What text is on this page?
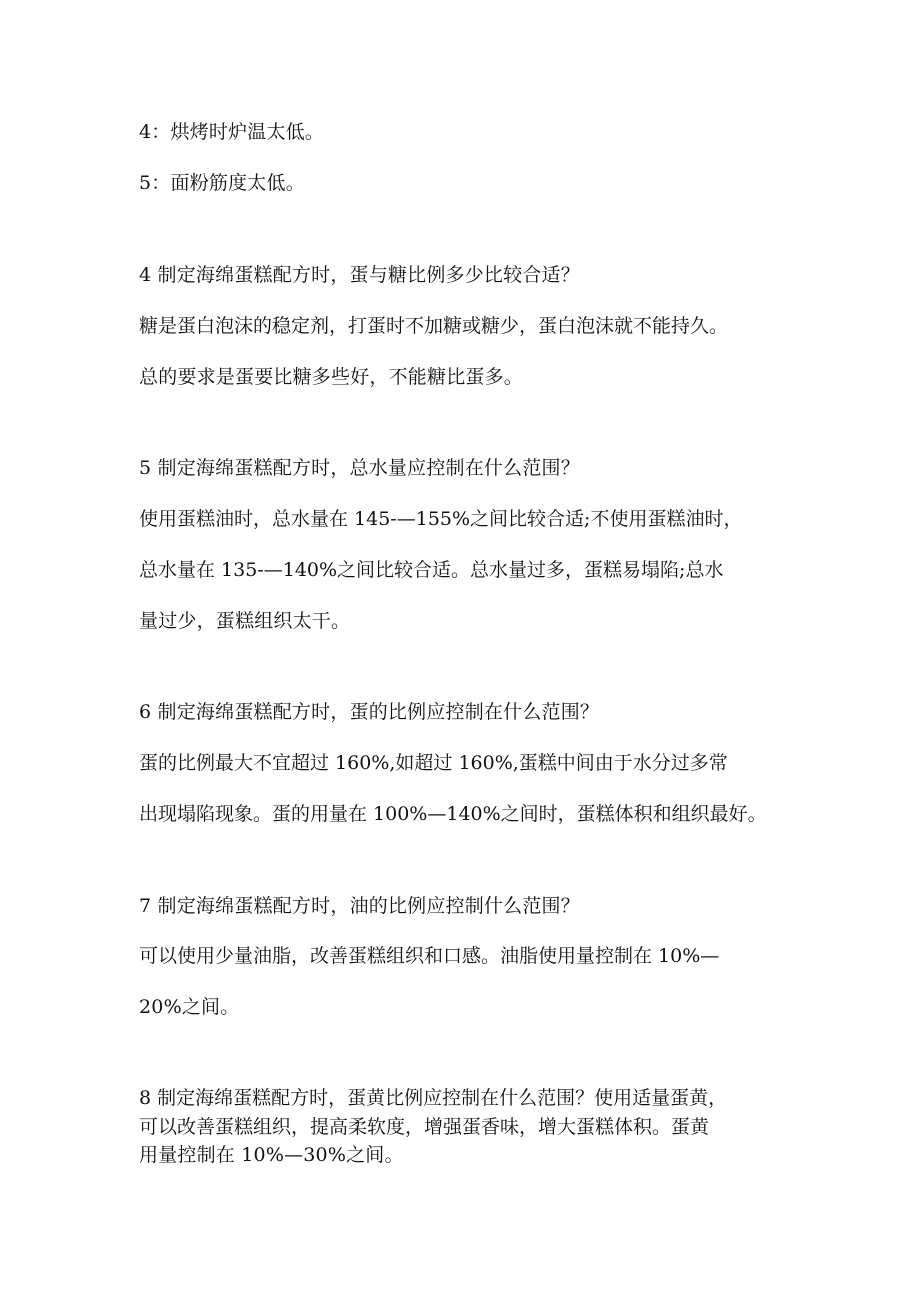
4：烘烤时炉温太低。
5：面粉筋度太低。
4 制定海绵蛋糕配方时，蛋与糖比例多少比较合适？
糖是蛋白泡沫的稳定剂，打蛋时不加糖或糖少，蛋白泡沫就不能持久。
总的要求是蛋要比糖多些好，不能糖比蛋多。
5 制定海绵蛋糕配方时，总水量应控制在什么范围？
使用蛋糕油时，总水量在 145-—155%之间比较合适;不使用蛋糕油时，
总水量在 135-—140%之间比较合适。总水量过多，蛋糕易塌陷;总水
量过少，蛋糕组织太干。
6 制定海绵蛋糕配方时，蛋的比例应控制在什么范围？
蛋的比例最大不宜超过 160%,如超过 160%,蛋糕中间由于水分过多常
出现塌陷现象。蛋的用量在 100%—140%之间时，蛋糕体积和组织最好。
7 制定海绵蛋糕配方时，油的比例应控制什么范围？
可以使用少量油脂，改善蛋糕组织和口感。油脂使用量控制在 10%—
20%之间。
8 制定海绵蛋糕配方时，蛋黄比例应控制在什么范围？使用适量蛋黄，
可以改善蛋糕组织，提高柔软度，增强蛋香味，增大蛋糕体积。蛋黄
用量控制在 10%—30%之间。
